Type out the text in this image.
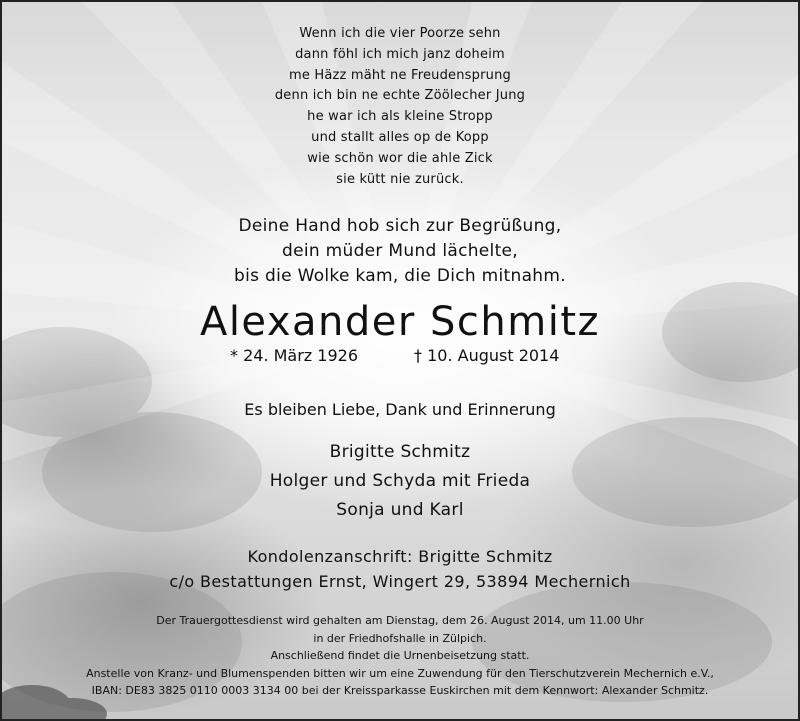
Wenn ich die vier Poorze sehn
dann föhl ich mich janz doheim
me Häzz mäht ne Freudensprung
denn ich bin ne echte Zöölecher Jung
he war ich als kleine Stropp
und stallt alles op de Kopp
wie schön wor die ahle Zick
sie kütt nie zurück.
Deine Hand hob sich zur Begrüßung,
dein müder Mund lächelte,
bis die Wolke kam, die Dich mitnahm.
Alexander Schmitz
* 24. März 1926	† 10. August 2014
Es bleiben Liebe, Dank und Erinnerung
Brigitte Schmitz
Holger und Schyda mit Frieda
Sonja und Karl
Kondolenzanschrift: Brigitte Schmitz
c/o Bestattungen Ernst, Wingert 29, 53894 Mechernich
Der Trauergottesdienst wird gehalten am Dienstag, dem 26. August 2014, um 11.00 Uhr
in der Friedhofshalle in Zülpich.
Anschließend findet die Urnenbeisetzung statt.
Anstelle von Kranz- und Blumenspenden bitten wir um eine Zuwendung für den Tierschutzverein Mechernich e.V.,
IBAN: DE83 3825 0110 0003 3134 00 bei der Kreissparkasse Euskirchen mit dem Kennwort: Alexander Schmitz.
